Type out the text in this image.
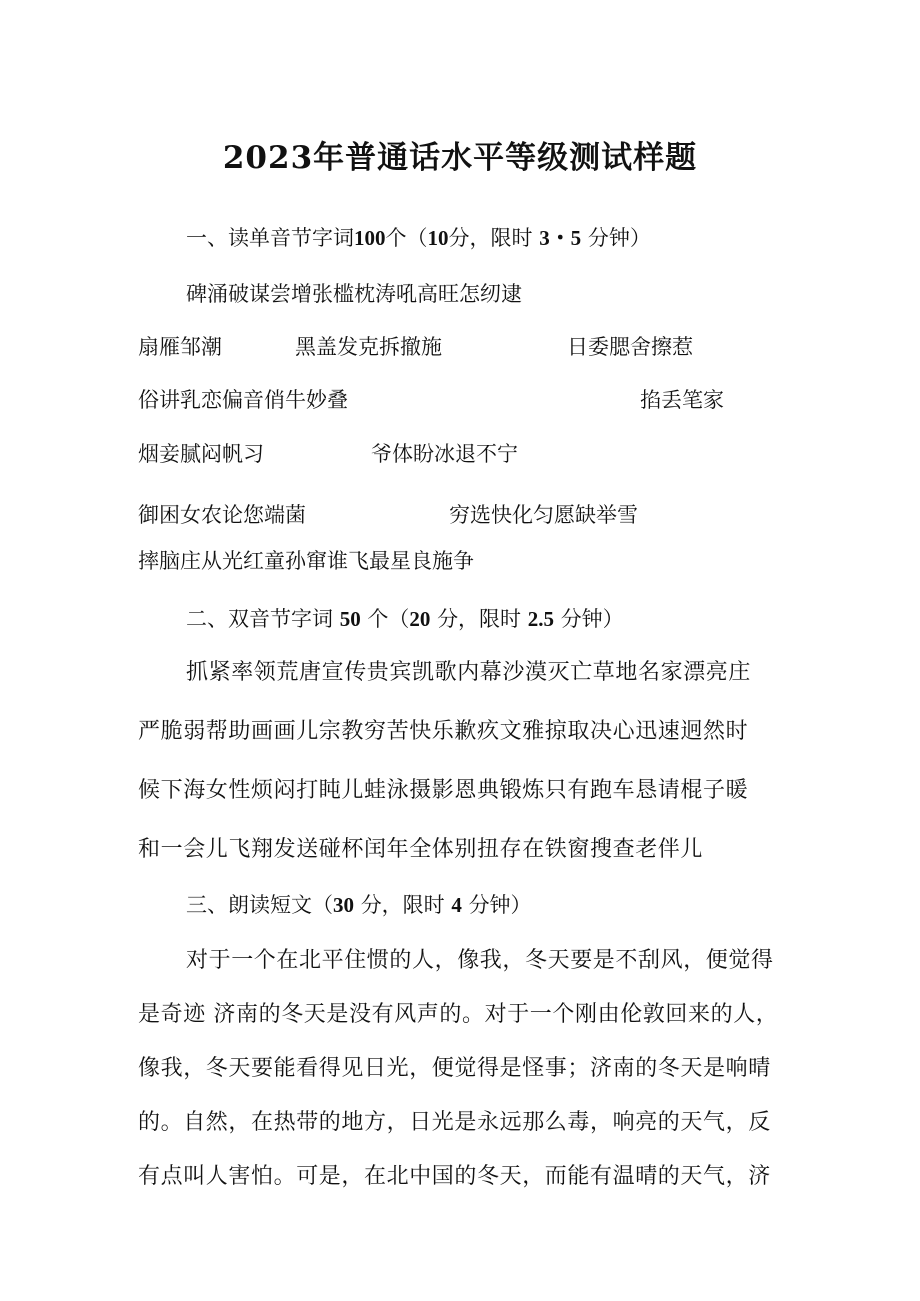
2023年普通话水平等级测试样题
一、读单音节字词100个（10分，限时 3・5 分钟）
碑涌破谋尝增张槛枕涛吼高旺怎纫逮
扇雁邹潮	黑盖发克拆撤施	日委腮舍擦惹
俗讲乳恋偏音俏牛妙叠	掐丢笔家
烟妾腻闷帆习	爷体盼冰退不宁
御困女农论您端菌	穷选快化匀愿缺举雪
摔脑庄从光红童孙窜谁飞最星良施争
二、双音节字词 50 个（20 分，限时 2.5 分钟）
抓紧率领荒唐宣传贵宾凯歌内幕沙漠灭亡草地名家漂亮庄
严脆弱帮助画画儿宗教穷苦快乐歉疚文雅掠取决心迅速迥然时
候下海女性烦闷打盹儿蛙泳摄影恩典锻炼只有跑车恳请棍子暖
和一会儿飞翔发送碰杯闰年全体别扭存在铁窗搜查老伴儿
三、朗读短文（30 分，限时 4 分钟）
对于一个在北平住惯的人，像我，冬天要是不刮风，便觉得
是奇迹 济南的冬天是没有风声的。对于一个刚由伦敦回来的人，
像我，冬天要能看得见日光，便觉得是怪事；济南的冬天是响晴
的。自然，在热带的地方，日光是永远那么毒，响亮的天气，反
有点叫人害怕。可是，在北中国的冬天，而能有温晴的天气，济
